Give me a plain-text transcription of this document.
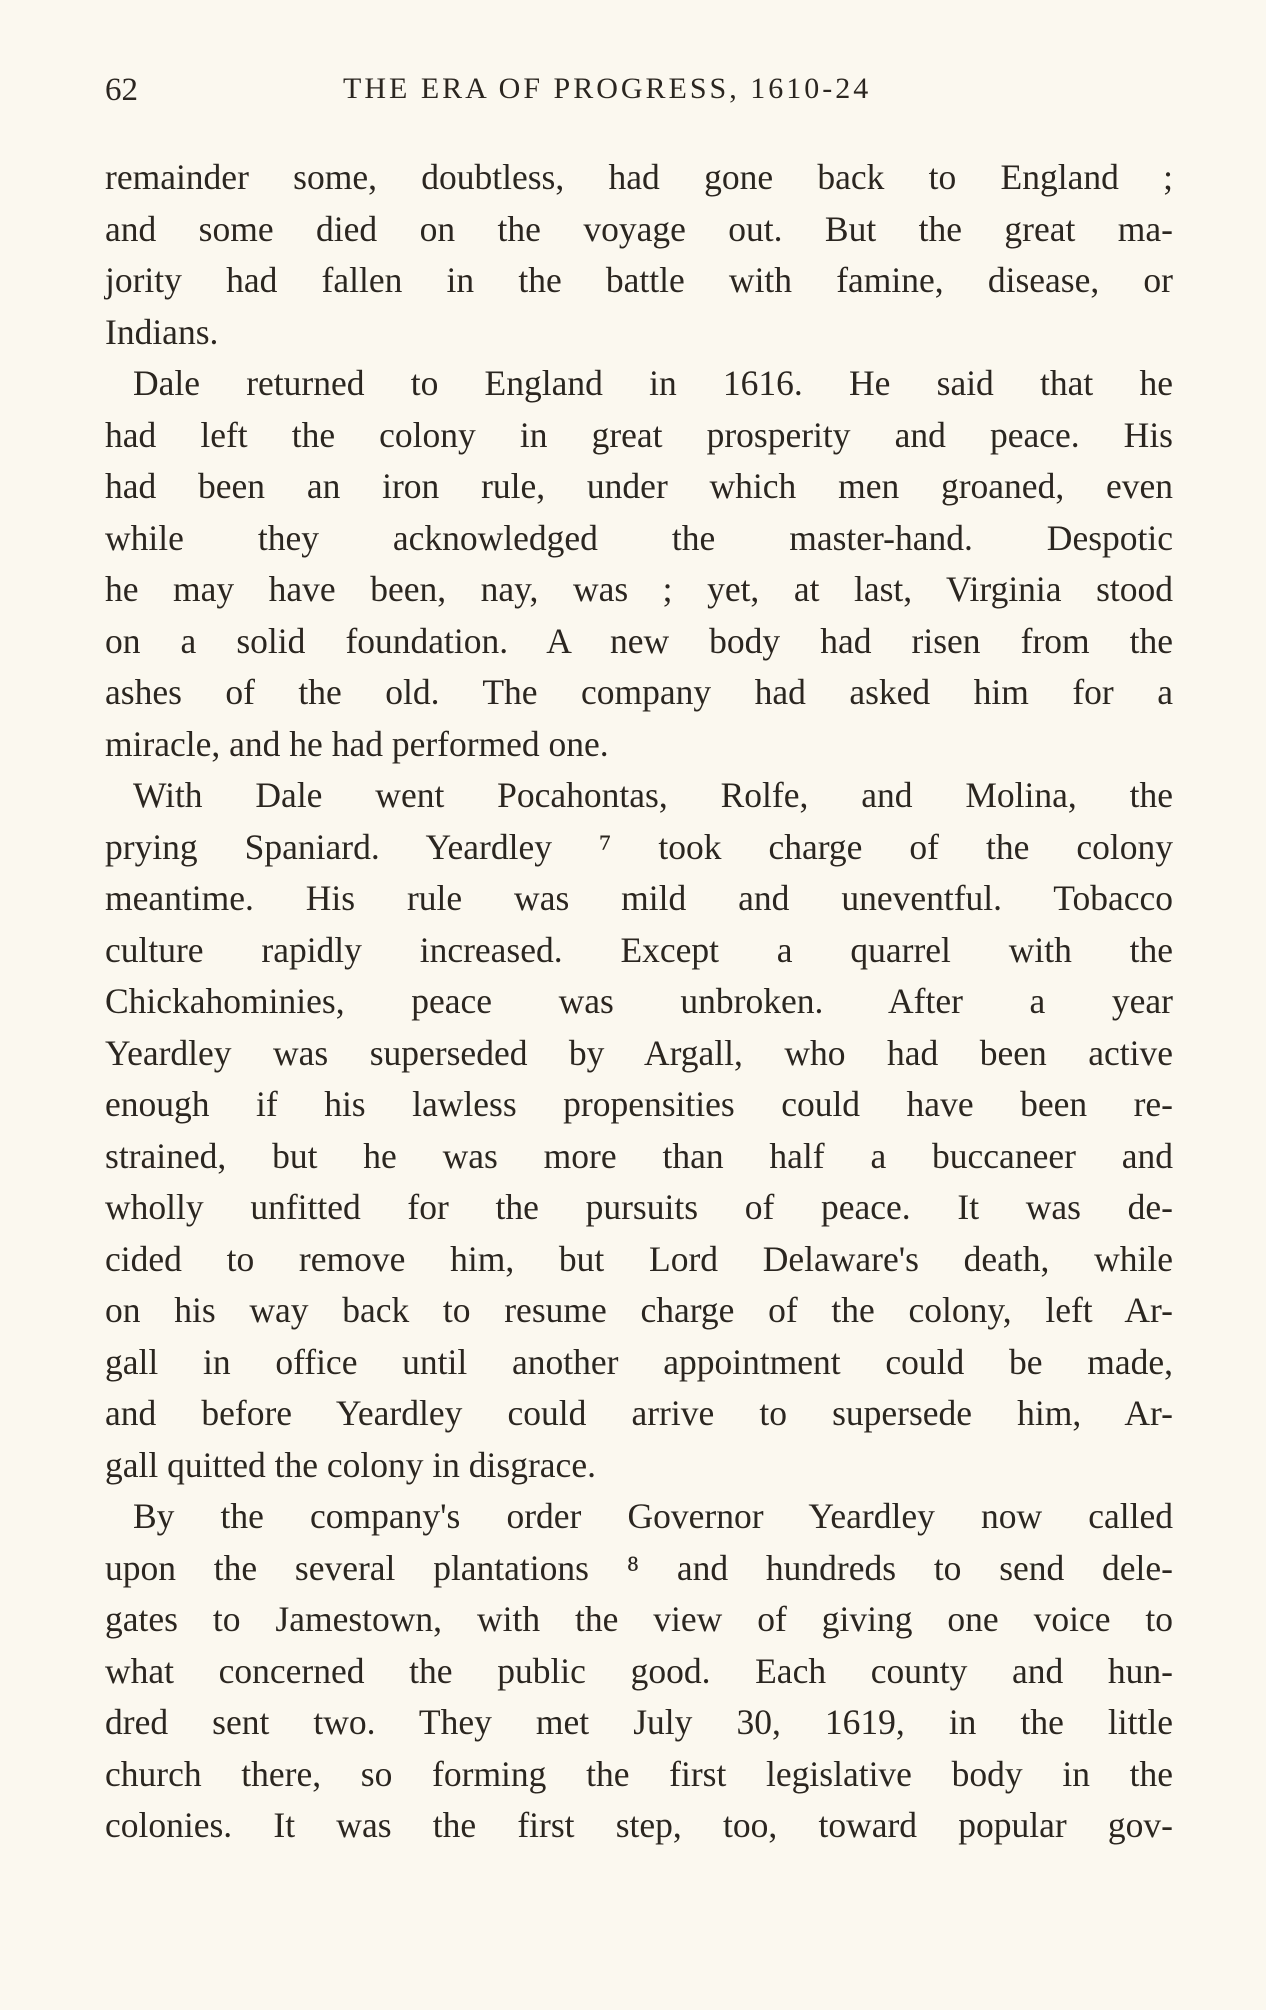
62	THE ERA OF PROGRESS, 1610-24
remainder some, doubtless, had gone back to England ;
and some died on the voyage out. But the great ma-
jority had fallen in the battle with famine, disease, or
Indians.
Dale returned to England in 1616. He said that he
had left the colony in great prosperity and peace. His
had been an iron rule, under which men groaned, even
while they acknowledged the master-hand. Despotic
he may have been, nay, was ; yet, at last, Virginia stood
on a solid foundation. A new body had risen from the
ashes of the old. The company had asked him for a
miracle, and he had performed one.
With Dale went Pocahontas, Rolfe, and Molina, the
prying Spaniard. Yeardley ⁷ took charge of the colony
meantime. His rule was mild and uneventful. Tobacco
culture rapidly increased. Except a quarrel with the
Chickahominies, peace was unbroken. After a year
Yeardley was superseded by Argall, who had been active
enough if his lawless propensities could have been re-
strained, but he was more than half a buccaneer and
wholly unfitted for the pursuits of peace. It was de-
cided to remove him, but Lord Delaware's death, while
on his way back to resume charge of the colony, left Ar-
gall in office until another appointment could be made,
and before Yeardley could arrive to supersede him, Ar-
gall quitted the colony in disgrace.
By the company's order Governor Yeardley now called
upon the several plantations ⁸ and hundreds to send dele-
gates to Jamestown, with the view of giving one voice to
what concerned the public good. Each county and hun-
dred sent two. They met July 30, 1619, in the little
church there, so forming the first legislative body in the
colonies. It was the first step, too, toward popular gov-
